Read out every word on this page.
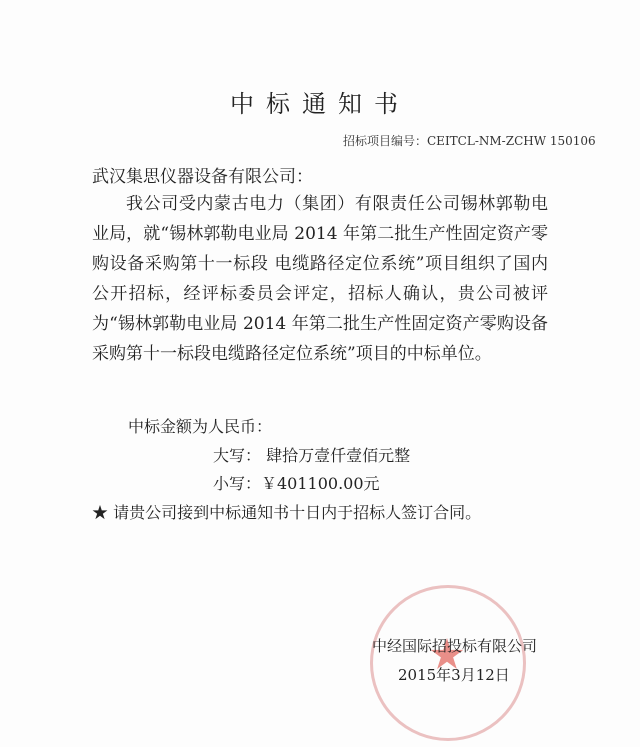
中标通知书
招标项目编号：CEITCL-NM-ZCHW 150106
武汉集思仪器设备有限公司：
我公司受内蒙古电力（集团）有限责任公司锡林郭勒电业局，就“锡林郭勒电业局 2014 年第二批生产性固定资产零购设备采购第十一标段 电缆路径定位系统”项目组织了国内公开招标，经评标委员会评定，招标人确认，贵公司被评为“锡林郭勒电业局 2014 年第二批生产性固定资产零购设备采购第十一标段电缆路径定位系统”项目的中标单位。
中标金额为人民币：
大写： 肆拾万壹仟壹佰元整
小写：￥401100.00元
★ 请贵公司接到中标通知书十日内于招标人签订合同。
中经国际招投标有限公司
2015年3月12日
